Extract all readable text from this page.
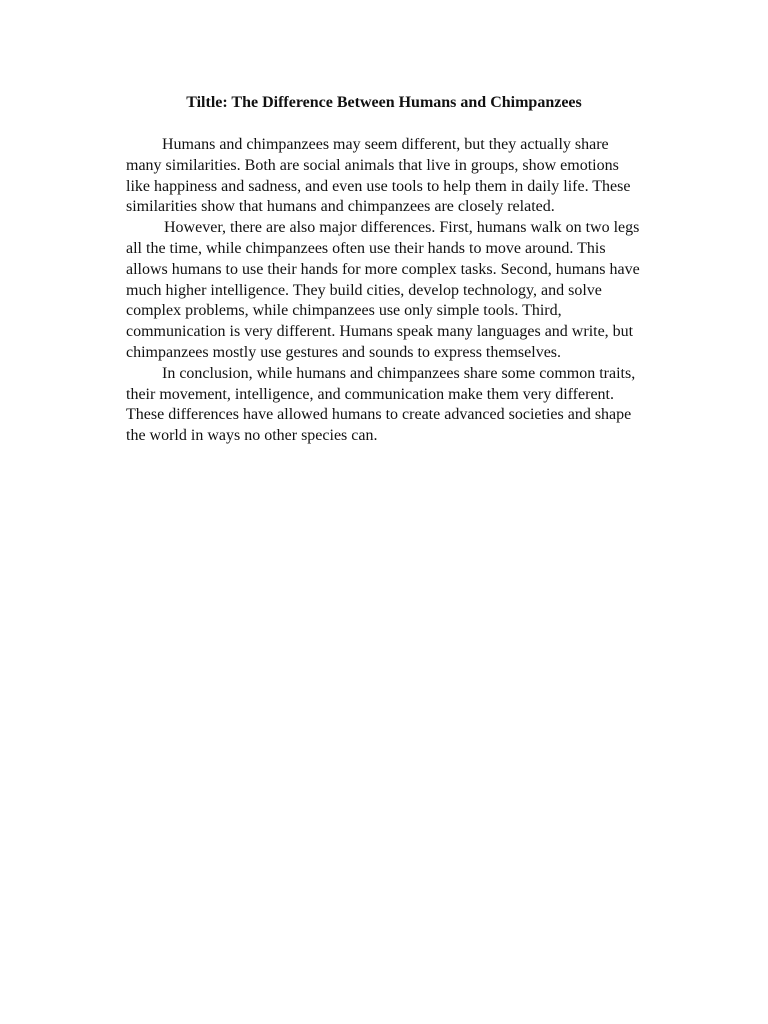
Tiltle: The Difference Between Humans and Chimpanzees

Humans and chimpanzees may seem different, but they actually share many similarities. Both are social animals that live in groups, show emotions like happiness and sadness, and even use tools to help them in daily life. These similarities show that humans and chimpanzees are closely related.

However, there are also major differences. First, humans walk on two legs all the time, while chimpanzees often use their hands to move around. This allows humans to use their hands for more complex tasks. Second, humans have much higher intelligence. They build cities, develop technology, and solve complex problems, while chimpanzees use only simple tools. Third, communication is very different. Humans speak many languages and write, but chimpanzees mostly use gestures and sounds to express themselves.

In conclusion, while humans and chimpanzees share some common traits, their movement, intelligence, and communication make them very different. These differences have allowed humans to create advanced societies and shape the world in ways no other species can.
